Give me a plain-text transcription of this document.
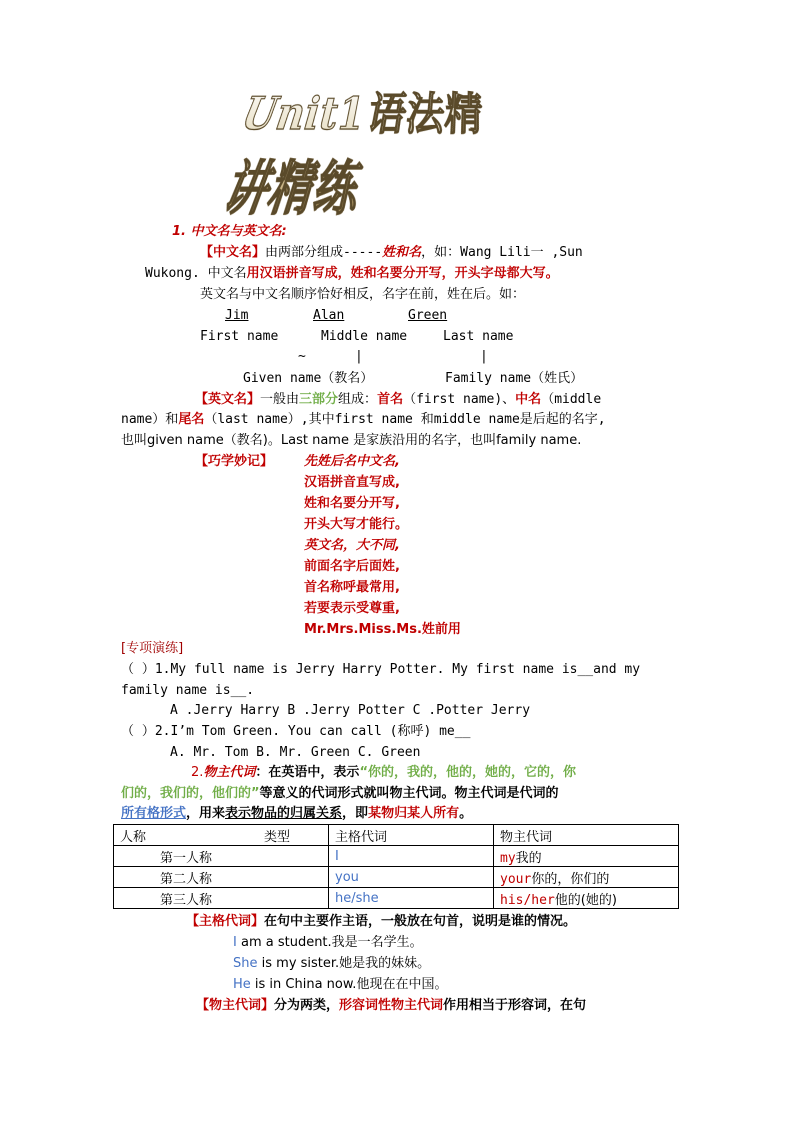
Unit1语法精讲精练
1. 中文名与英文名:
【中文名】由两部分组成-----姓和名，如：Wang Lili一 ,Sun
Wukong. 中文名用汉语拼音写成，姓和名要分开写，开头字母都大写。
英文名与中文名顺序恰好相反，名字在前，姓在后。如：
Jim	Alan	Green
First name	Middle name	Last name
~	|	|
Given name（教名）	Family name（姓氏）
【英文名】一般由三部分组成：首名（first name)、中名（middle
name）和尾名（last name）,其中first name 和middle name是后起的名字,
也叫given name（教名)。Last name 是家族沿用的名字，也叫family name.
【巧学妙记】 先姓后名中文名,
汉语拼音直写成,
姓和名要分开写,
开头大写才能行。
英文名，大不同,
前面名字后面姓,
首名称呼最常用,
若要表示受尊重,
Mr.Mrs.Miss.Ms.姓前用
[专项演练]
（ ）1.My full name is Jerry Harry Potter. My first name is__and my
family name is__.
A .Jerry Harry B .Jerry Potter C .Potter Jerry
（ ）2.I’m Tom Green. You can call (称呼) me__
A. Mr. Tom B. Mr. Green C. Green
2.物主代词：在英语中，表示“你的，我的，他的，她的，它的，你
们的，我们的，他们的”等意义的代词形式就叫物主代词。物主代词是代词的
所有格形式，用来表示物品的归属关系，即某物归某人所有。
人称 类型	主格代词	物主代词
第一人称	I	my我的
第二人称	you	your你的，你们的
第三人称	he/she	his/her他的(她的)
【主格代词】在句中主要作主语，一般放在句首，说明是谁的情况。
I am a student.我是一名学生。
She is my sister.她是我的妹妹。
He is in China now.他现在在中国。
【物主代词】分为两类，形容词性物主代词作用相当于形容词，在句
